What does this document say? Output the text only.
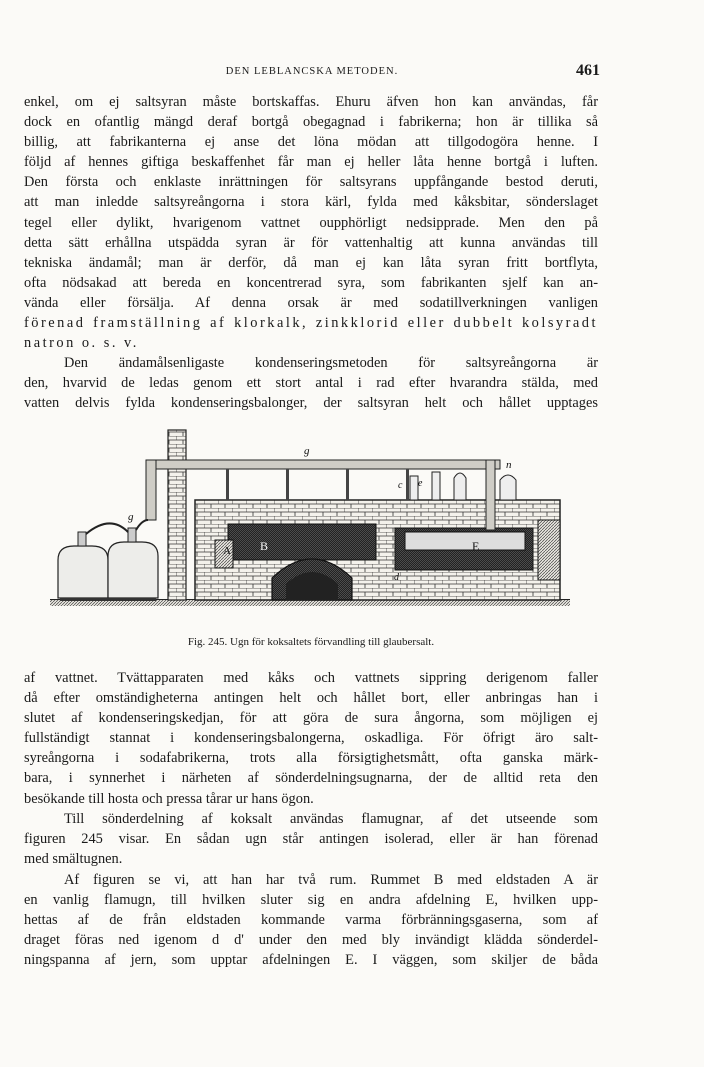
DEN LEBLANCSKA METODEN.	461
enkel, om ej saltsyran måste bortskaffas. Ehuru äfven hon kan användas, får
dock en ofantlig mängd deraf bortgå obegagnad i fabrikerna; hon är tillika så
billig, att fabrikanterna ej anse det löna mödan att tillgodogöra henne. I
följd af hennes giftiga beskaffenhet får man ej heller låta henne bortgå i luften.
Den första och enklaste inrättningen för saltsyrans uppfångande bestod deruti,
att man inledde saltsyreångorna i stora kärl, fylda med kåksbitar, sönderslaget
tegel eller dylikt, hvarigenom vattnet oupphörligt nedsipprade. Men den på
detta sätt erhållna utspädda syran är för vattenhaltig att kunna användas till
tekniska ändamål; man är derför, då man ej kan låta syran fritt bortflyta,
ofta nödsakad att bereda en koncentrerad syra, som fabrikanten sjelf kan an-
vända eller försälja. Af denna orsak är med sodatillverkningen vanligen
förenad framställning af klorkalk, zinkklorid eller dubbelt kolsyradt
natron o. s. v.
Den ändamålsenligaste kondenseringsmetoden för saltsyreångorna är
den, hvarvid de ledas genom ett stort antal i rad efter hvarandra stälda, med
vatten delvis fylda kondenseringsbalonger, der saltsyran helt och hållet upptages
A B	E
g
g
n
c e
d
Fig. 245. Ugn för koksaltets förvandling till glaubersalt.
af vattnet. Tvättapparaten med kåks och vattnets sippring derigenom faller
då efter omständigheterna antingen helt och hållet bort, eller anbringas han i
slutet af kondenseringskedjan, för att göra de sura ångorna, som möjligen ej
fullständigt stannat i kondenseringsbalongerna, oskadliga. För öfrigt äro salt-
syreångorna i sodafabrikerna, trots alla försigtighetsmått, ofta ganska märk-
bara, i synnerhet i närheten af sönderdelningsugnarna, der de alltid reta den
besökande till hosta och pressa tårar ur hans ögon.
Till sönderdelning af koksalt användas flamugnar, af det utseende som
figuren 245 visar. En sådan ugn står antingen isolerad, eller är han förenad
med smältugnen.
Af figuren se vi, att han har två rum. Rummet B med eldstaden A är
en vanlig flamugn, till hvilken sluter sig en andra afdelning E, hvilken upp-
hettas af de från eldstaden kommande varma förbränningsgaserna, som af
draget föras ned igenom d d' under den med bly invändigt klädda sönderdel-
ningspanna af jern, som upptar afdelningen E. I väggen, som skiljer de båda
